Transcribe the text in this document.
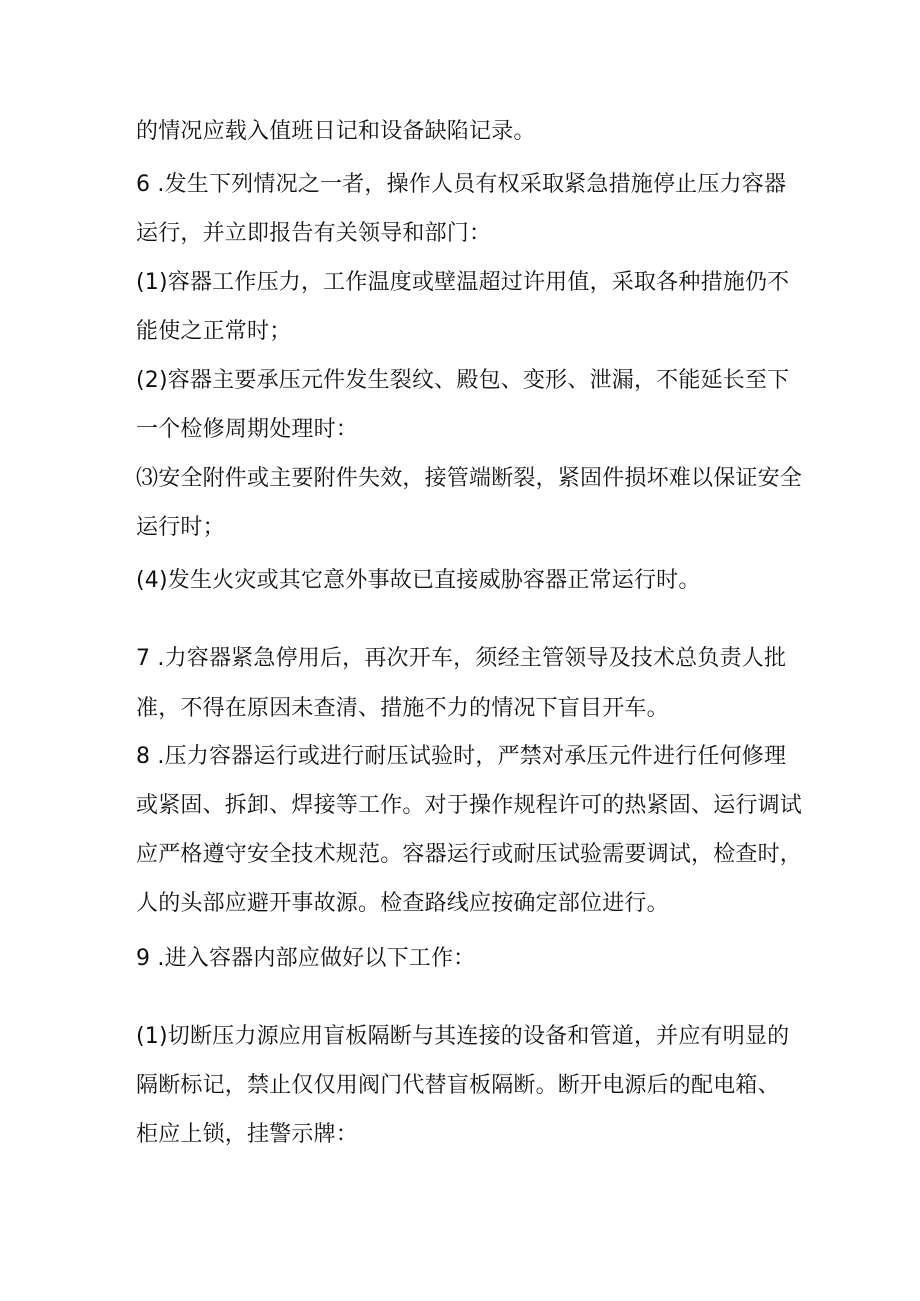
的情况应载入值班日记和设备缺陷记录。
6 .发生下列情况之一者，操作人员有权采取紧急措施停止压力容器
运行，并立即报告有关领导和部门：
(1)容器工作压力，工作温度或壁温超过许用值，采取各种措施仍不
能使之正常时；
(2)容器主要承压元件发生裂纹、殿包、变形、泄漏，不能延长至下
一个检修周期处理时：
⑶安全附件或主要附件失效，接管端断裂，紧固件损坏难以保证安全
运行时；
(4)发生火灾或其它意外事故已直接威胁容器正常运行时。
7 .力容器紧急停用后，再次开车，须经主管领导及技术总负责人批
准，不得在原因未查清、措施不力的情况下盲目开车。
8 .压力容器运行或进行耐压试验时，严禁对承压元件进行任何修理
或紧固、拆卸、焊接等工作。对于操作规程许可的热紧固、运行调试
应严格遵守安全技术规范。容器运行或耐压试验需要调试，检查时，
人的头部应避开事故源。检查路线应按确定部位进行。
9 .进入容器内部应做好以下工作：
(1)切断压力源应用盲板隔断与其连接的设备和管道，并应有明显的
隔断标记，禁止仅仅用阀门代替盲板隔断。断开电源后的配电箱、
柜应上锁，挂警示牌：
